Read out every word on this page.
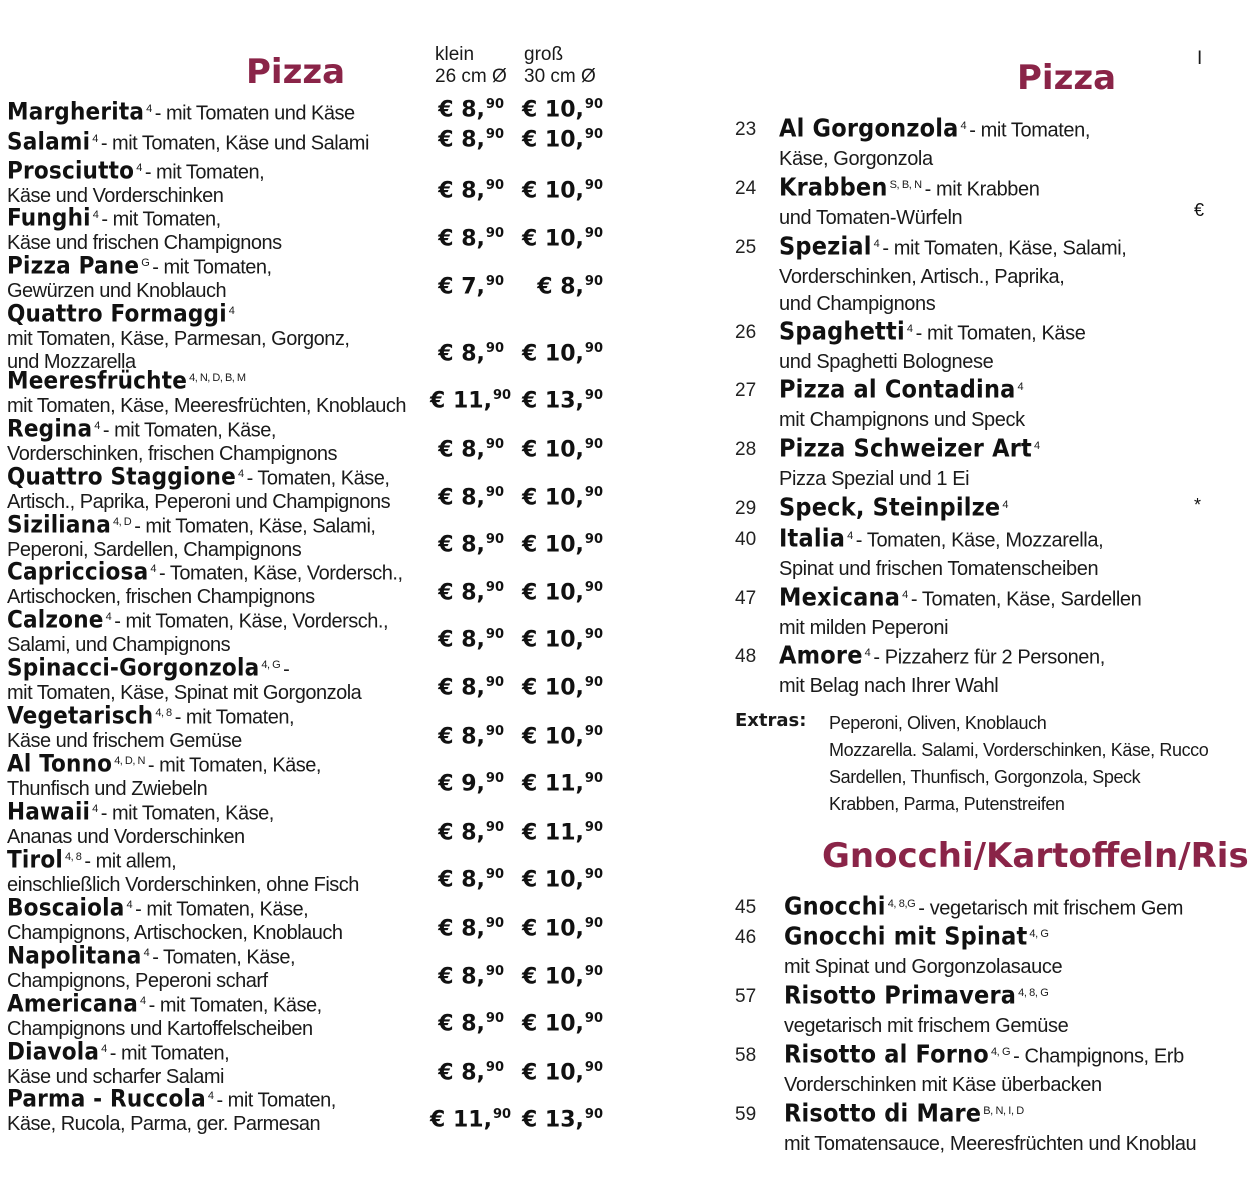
Pizza	klein
26 cm Ø
groß
30 cm Ø
Margherita $^4$ - mit Tomaten und Käse	€ 8,90 € 10,90
Salami $^4$ - mit Tomaten, Käse und Salami	€ 8,90 € 10,90
Prosciutto $^4$ - mit Tomaten,
Käse und Vorderschinken	€ 8,90 € 10,90
Funghi $^4$ - mit Tomaten,
Käse und frischen Champignons	€ 8,90 € 10,90
Pizza Pane $^G$ - mit Tomaten,
Gewürzen und Knoblauch	€ 7,90	€ 8,90
Quattro Formaggi $^4$
mit Tomaten, Käse, Parmesan, Gorgonz,
und Mozzarella	€ 8,90 € 10,90
Meeresfrüchte $^{4, N, D, B, M}$
mit Tomaten, Käse, Meeresfrüchten, Knoblauch	€ 11,90 € 13,90
Regina $^4$ - mit Tomaten, Käse,
Vorderschinken, frischen Champignons	€ 8,90 € 10,90
Quattro Staggione $^4$ - Tomaten, Käse,
Artisch., Paprika, Peperoni und Champignons	€ 8,90 € 10,90
Siziliana $^{4, D}$ - mit Tomaten, Käse, Salami,
Peperoni, Sardellen, Champignons	€ 8,90 € 10,90
Capricciosa $^4$ - Tomaten, Käse, Vordersch.,
Artischocken, frischen Champignons	€ 8,90 € 10,90
Calzone $^4$ - mit Tomaten, Käse, Vordersch.,
Salami, und Champignons	€ 8,90 € 10,90
Spinacci-Gorgonzola $^{4, G}$ -
mit Tomaten, Käse, Spinat mit Gorgonzola	€ 8,90 € 10,90
Vegetarisch $^{4, 8}$ - mit Tomaten,
Käse und frischem Gemüse	€ 8,90 € 10,90
Al Tonno $^{4, D, N}$ - mit Tomaten, Käse,
Thunfisch und Zwiebeln	€ 9,90 € 11,90
Hawaii $^4$ - mit Tomaten, Käse,
Ananas und Vorderschinken	€ 8,90 € 11,90
Tirol $^{4, 8}$ - mit allem,
einschließlich Vorderschinken, ohne Fisch	€ 8,90 € 10,90
Boscaiola $^4$ - mit Tomaten, Käse,
Champignons, Artischocken, Knoblauch	€ 8,90 € 10,90
Napolitana $^4$ - Tomaten, Käse,
Champignons, Peperoni scharf	€ 8,90 € 10,90
Americana $^4$ - mit Tomaten, Käse,
Champignons und Kartoffelscheiben	€ 8,90 € 10,90
Diavola $^4$ - mit Tomaten,
Käse und scharfer Salami	€ 8,90 € 10,90
Parma - Ruccola $^4$ - mit Tomaten,
Käse, Rucola, Parma, ger. Parmesan	€ 11,90 € 13,90
Pizza	I
23 Al Gorgonzola $^4$ - mit Tomaten,
Käse, Gorgonzola
24 Krabben $^{S, B, N}$ - mit Krabben
und Tomaten-Würfeln
25 Spezial $^4$ - mit Tomaten, Käse, Salami,
Vorderschinken, Artisch., Paprika,
und Champignons
26 Spaghetti $^4$ - mit Tomaten, Käse
und Spaghetti Bolognese
27 Pizza al Contadina $^4$
mit Champignons und Speck
28 Pizza Schweizer Art $^4$
Pizza Spezial und 1 Ei
29 Speck, Steinpilze $^4$
40 Italia $^4$ - Tomaten, Käse, Mozzarella,
Spinat und frischen Tomatenscheiben
47 Mexicana $^4$ - Tomaten, Käse, Sardellen
mit milden Peperoni
48 Amore $^4$ - Pizzaherz für 2 Personen,
mit Belag nach Ihrer Wahl
€
*
Extras: Peperoni, Oliven, Knoblauch
Mozzarella. Salami, Vorderschinken, Käse, Rucco
Sardellen, Thunfisch, Gorgonzola, Speck
Krabben, Parma, Putenstreifen
Gnocchi/Kartoffeln/Ris
45 Gnocchi $^{4, 8,G}$ - vegetarisch mit frischem Gem
46 Gnocchi mit Spinat $^{4, G}$
mit Spinat und Gorgonzolasauce
57 Risotto Primavera $^{4, 8, G}$
vegetarisch mit frischem Gemüse
58 Risotto al Forno $^{4, G}$ - Champignons, Erb
Vorderschinken mit Käse überbacken
59 Risotto di Mare $^{B, N, I, D}$
mit Tomatensauce, Meeresfrüchten und Knoblau
